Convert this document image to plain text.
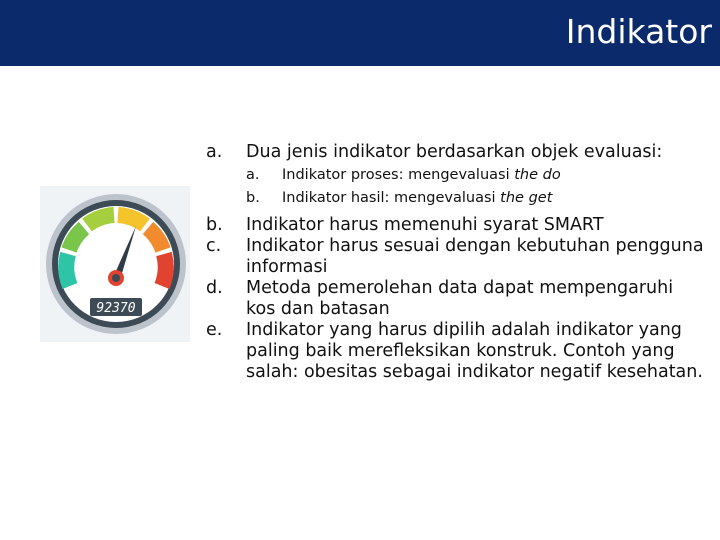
Indikator
92370
a.	Dua jenis indikator berdasarkan objek evaluasi:
a.	Indikator proses: mengevaluasi the do
b.	Indikator hasil: mengevaluasi the get
b.	Indikator harus memenuhi syarat SMART
c.	Indikator harus sesuai dengan kebutuhan pengguna informasi
d.	Metoda pemerolehan data dapat mempengaruhi kos dan batasan
e.	Indikator yang harus dipilih adalah indikator yang paling baik merefleksikan konstruk. Contoh yang salah: obesitas sebagai indikator negatif kesehatan.
